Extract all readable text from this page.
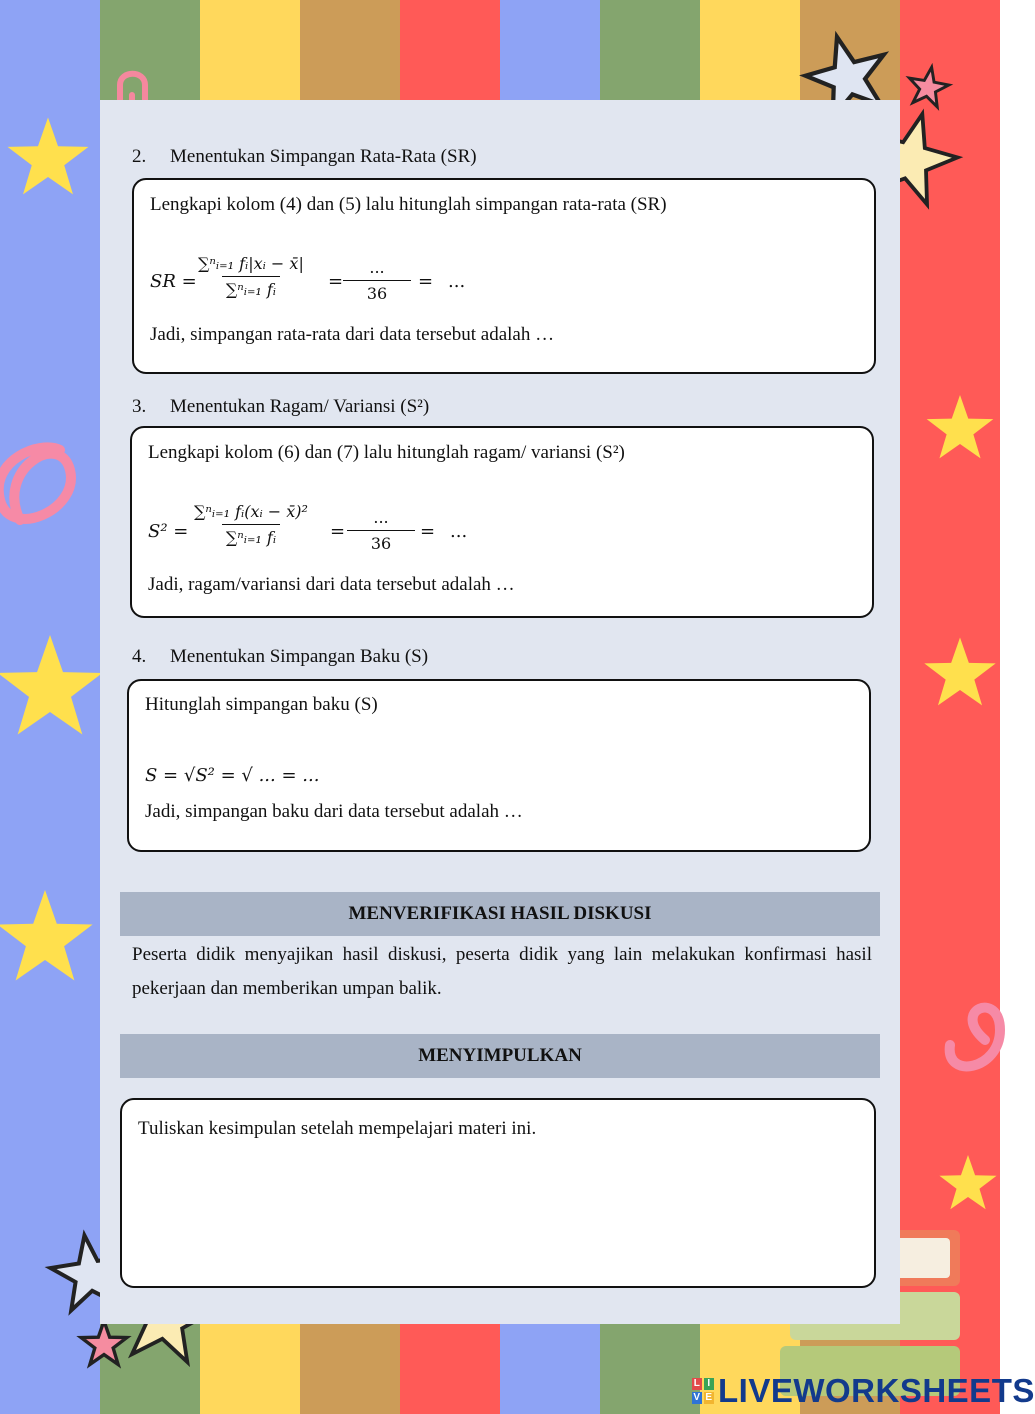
2. Menentukan Simpangan Rata-Rata (SR)
Lengkapi kolom (4) dan (5) lalu hitunglah simpangan rata-rata (SR)
SR =
$\frac{\text{∑ⁿᵢ₌₁ fᵢ|xᵢ − x̄|}}{\text{∑ⁿᵢ₌₁ fᵢ}}$ =
...
36
= ...
Jadi, simpangan rata-rata dari data tersebut adalah …
3. Menentukan Ragam/ Variansi (S²)
Lengkapi kolom (6) dan (7) lalu hitunglah ragam/ variansi (S²)
$S^2 = \frac{\text{∑ⁿᵢ₌₁ fᵢ(xᵢ − x̄)²}}{\text{∑ⁿᵢ₌₁ fᵢ}}$ =
...
36
= ...
Jadi, ragam/variansi dari data tersebut adalah …
4. Menentukan Simpangan Baku (S)
Hitunglah simpangan baku (S)
S = √S² = √ ... = ...
Jadi, simpangan baku dari data tersebut adalah …
MENVERIFIKASI HASIL DISKUSI
Peserta didik menyajikan hasil diskusi, peserta didik yang lain melakukan konfirmasi hasil pekerjaan dan memberikan umpan balik.
MENYIMPULKAN
Tuliskan kesimpulan setelah mempelajari materi ini.
L I
V E LIVEWORKSHEETS
